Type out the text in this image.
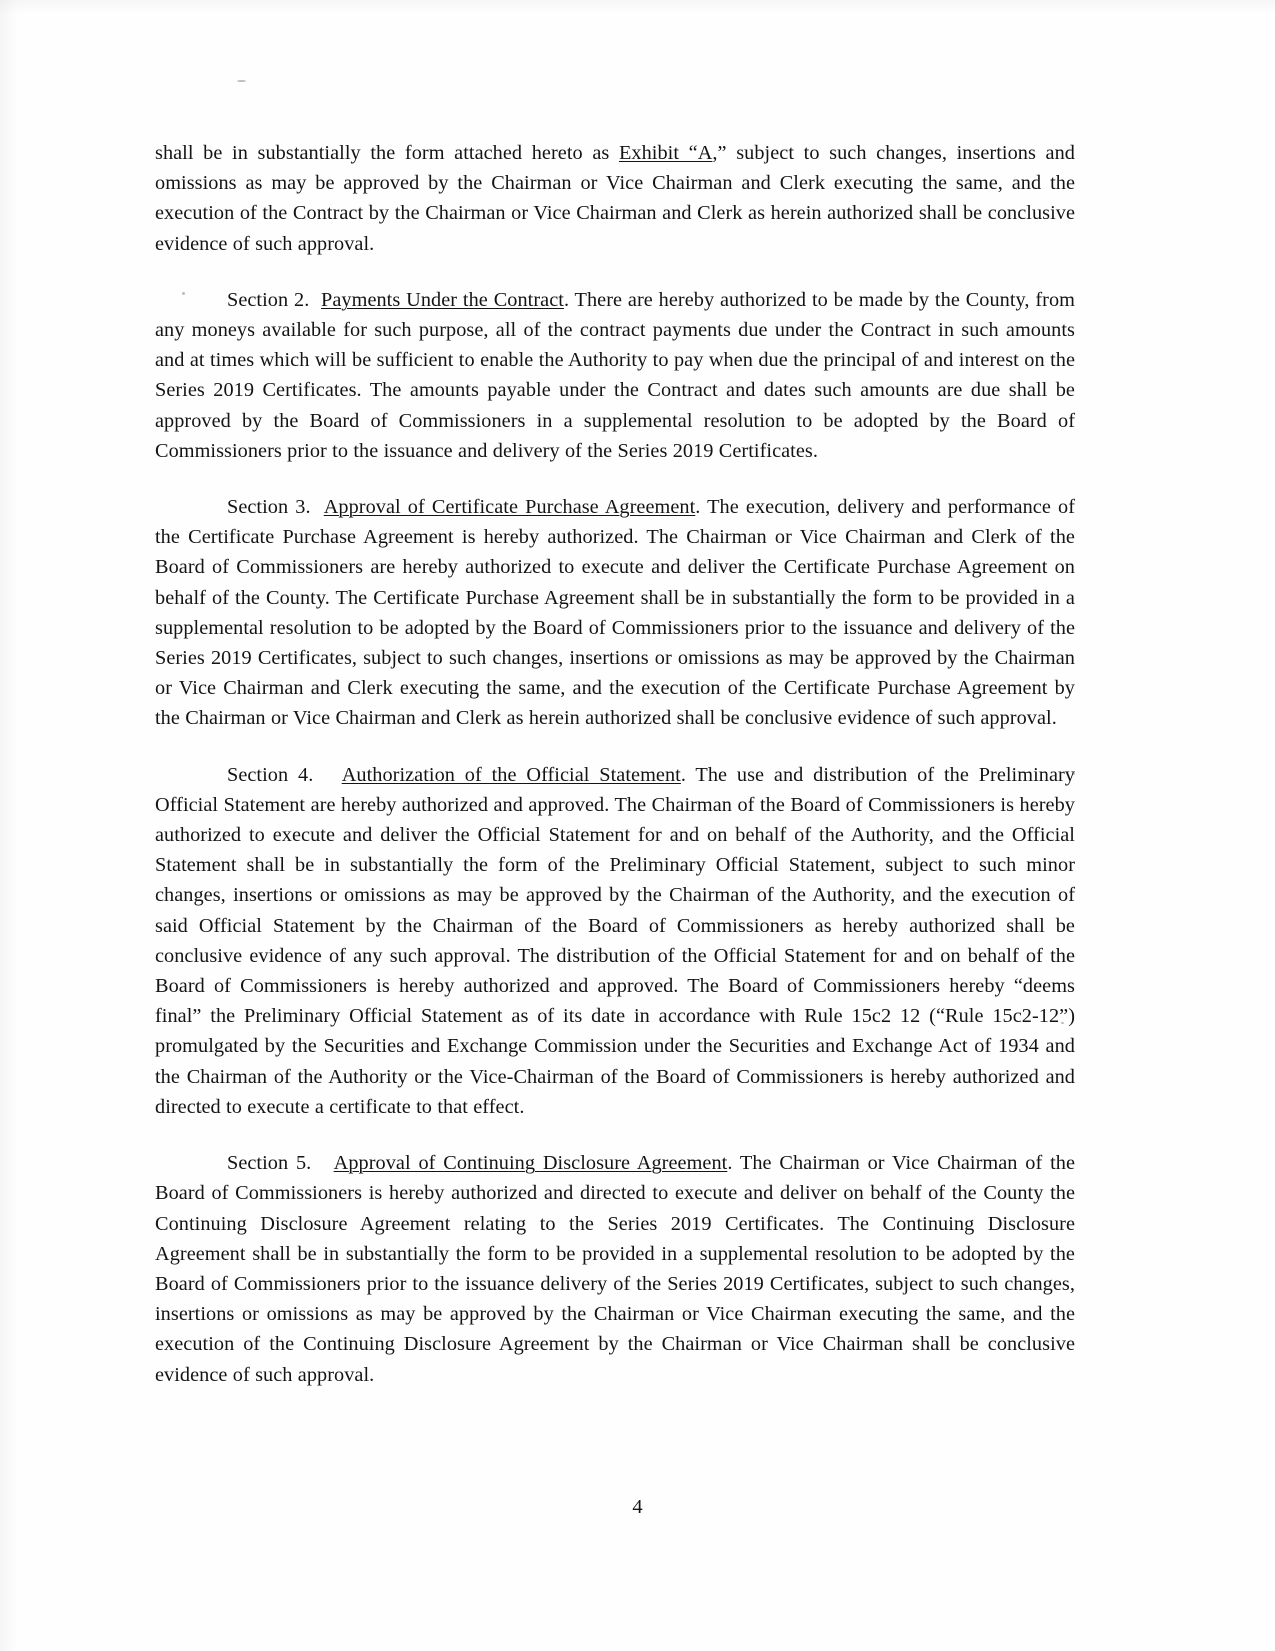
shall be in substantially the form attached hereto as Exhibit “A,” subject to such changes, insertions and omissions as may be approved by the Chairman or Vice Chairman and Clerk executing the same, and the execution of the Contract by the Chairman or Vice Chairman and Clerk as herein authorized shall be conclusive evidence of such approval.

Section 2. Payments Under the Contract. There are hereby authorized to be made by the County, from any moneys available for such purpose, all of the contract payments due under the Contract in such amounts and at times which will be sufficient to enable the Authority to pay when due the principal of and interest on the Series 2019 Certificates. The amounts payable under the Contract and dates such amounts are due shall be approved by the Board of Commissioners in a supplemental resolution to be adopted by the Board of Commissioners prior to the issuance and delivery of the Series 2019 Certificates.

Section 3. Approval of Certificate Purchase Agreement. The execution, delivery and performance of the Certificate Purchase Agreement is hereby authorized. The Chairman or Vice Chairman and Clerk of the Board of Commissioners are hereby authorized to execute and deliver the Certificate Purchase Agreement on behalf of the County. The Certificate Purchase Agreement shall be in substantially the form to be provided in a supplemental resolution to be adopted by the Board of Commissioners prior to the issuance and delivery of the Series 2019 Certificates, subject to such changes, insertions or omissions as may be approved by the Chairman or Vice Chairman and Clerk executing the same, and the execution of the Certificate Purchase Agreement by the Chairman or Vice Chairman and Clerk as herein authorized shall be conclusive evidence of such approval.

Section 4. Authorization of the Official Statement. The use and distribution of the Preliminary Official Statement are hereby authorized and approved. The Chairman of the Board of Commissioners is hereby authorized to execute and deliver the Official Statement for and on behalf of the Authority, and the Official Statement shall be in substantially the form of the Preliminary Official Statement, subject to such minor changes, insertions or omissions as may be approved by the Chairman of the Authority, and the execution of said Official Statement by the Chairman of the Board of Commissioners as hereby authorized shall be conclusive evidence of any such approval. The distribution of the Official Statement for and on behalf of the Board of Commissioners is hereby authorized and approved. The Board of Commissioners hereby “deems final” the Preliminary Official Statement as of its date in accordance with Rule 15c2 12 (“Rule 15c2-12”) promulgated by the Securities and Exchange Commission under the Securities and Exchange Act of 1934 and the Chairman of the Authority or the Vice-Chairman of the Board of Commissioners is hereby authorized and directed to execute a certificate to that effect.

Section 5. Approval of Continuing Disclosure Agreement. The Chairman or Vice Chairman of the Board of Commissioners is hereby authorized and directed to execute and deliver on behalf of the County the Continuing Disclosure Agreement relating to the Series 2019 Certificates. The Continuing Disclosure Agreement shall be in substantially the form to be provided in a supplemental resolution to be adopted by the Board of Commissioners prior to the issuance delivery of the Series 2019 Certificates, subject to such changes, insertions or omissions as may be approved by the Chairman or Vice Chairman executing the same, and the execution of the Continuing Disclosure Agreement by the Chairman or Vice Chairman shall be conclusive evidence of such approval.

4
